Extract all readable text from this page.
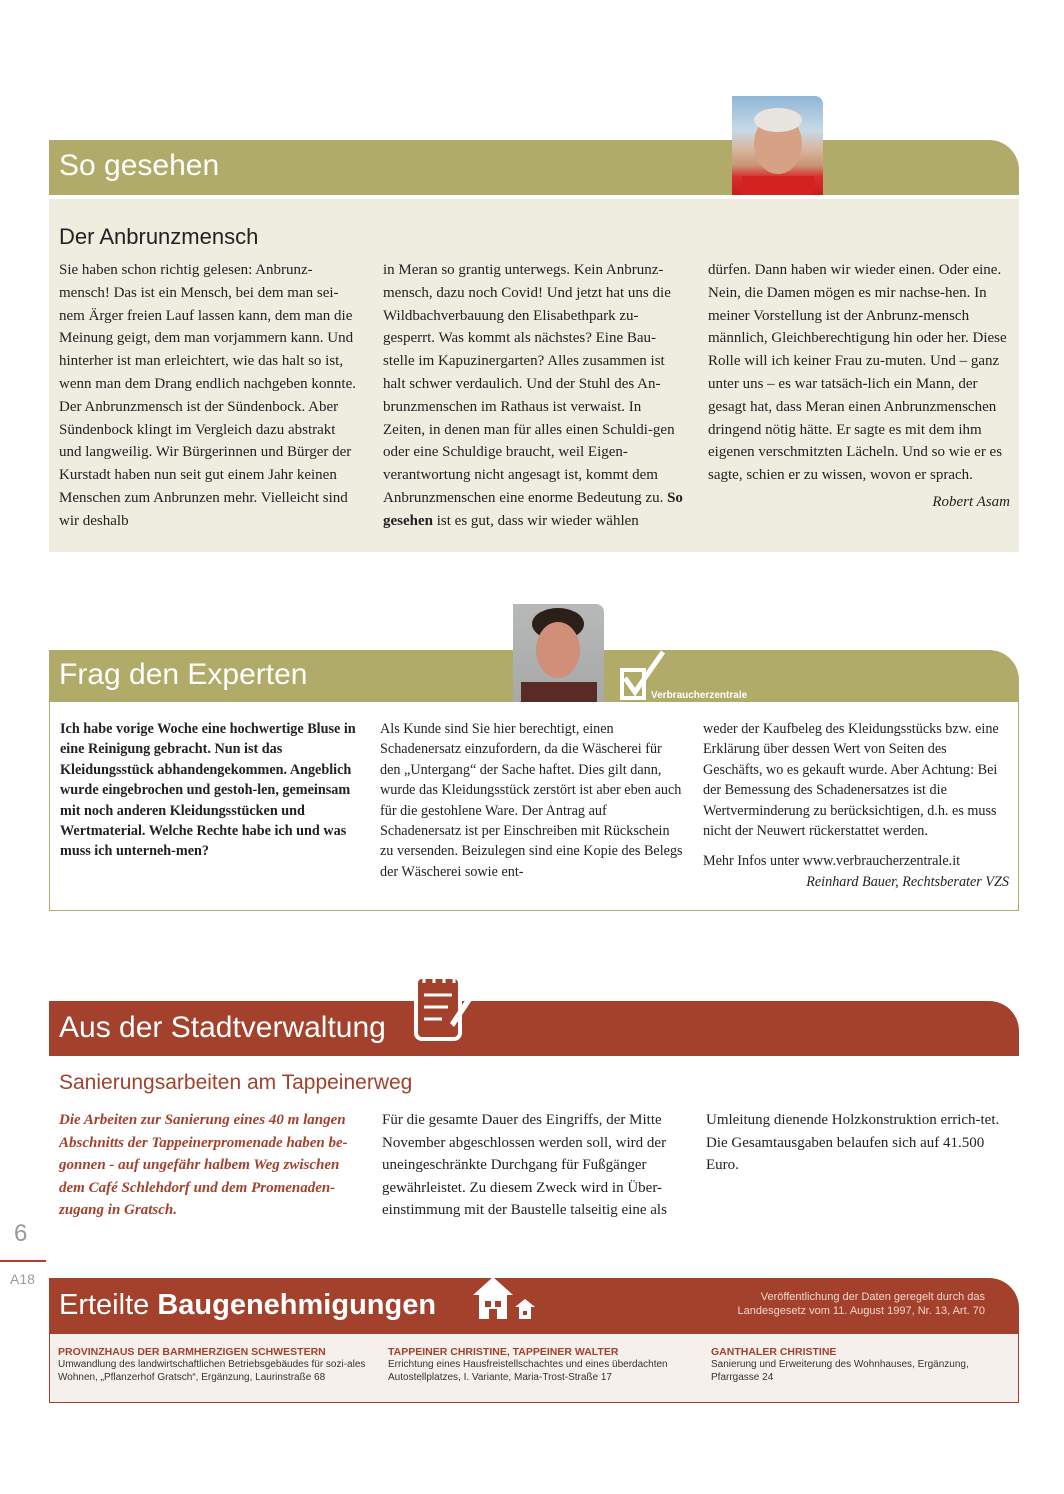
So gesehen
Der Anbrunzmensch

Sie haben schon richtig gelesen: Anbrunz-mensch! Das ist ein Mensch, bei dem man sei-nem Ärger freien Lauf lassen kann, dem man die Meinung geigt, dem man vorjammern kann. Und hinterher ist man erleichtert, wie das halt so ist, wenn man dem Drang endlich nachgeben konnte. Der Anbrunzmensch ist der Sündenbock. Aber Sündenbock klingt im Vergleich dazu abstrakt und langweilig. Wir Bürgerinnen und Bürger der Kurstadt haben nun seit gut einem Jahr keinen Menschen zum Anbrunzen mehr. Vielleicht sind wir deshalb

in Meran so grantig unterwegs. Kein Anbrunz-mensch, dazu noch Covid! Und jetzt hat uns die Wildbachverbauung den Elisabethpark zu-gesperrt. Was kommt als nächstes? Eine Bau-stelle im Kapuzinergarten? Alles zusammen ist halt schwer verdaulich. Und der Stuhl des An-brunzmenschen im Rathaus ist verwaist. In Zeiten, in denen man für alles einen Schuldi-gen oder eine Schuldige braucht, weil Eigen-verantwortung nicht angesagt ist, kommt dem Anbrunzmenschen eine enorme Bedeutung zu. So gesehen ist es gut, dass wir wieder wählen

dürfen. Dann haben wir wieder einen. Oder eine. Nein, die Damen mögen es mir nachse-hen. In meiner Vorstellung ist der Anbrunz-mensch männlich, Gleichberechtigung hin oder her. Diese Rolle will ich keiner Frau zu-muten. Und – ganz unter uns – es war tatsäch-lich ein Mann, der gesagt hat, dass Meran einen Anbrunzmenschen dringend nötig hätte. Er sagte es mit dem ihm eigenen verschmitzten Lächeln. Und so wie er es sagte, schien er zu wissen, wovon er sprach.

Robert Asam

Frag den Experten
Verbraucherzentrale
Ich habe vorige Woche eine hochwertige Bluse in eine Reinigung gebracht. Nun ist das Kleidungsstück abhandengekommen. Angeblich wurde eingebrochen und gestoh-len, gemeinsam mit noch anderen Kleidungsstücken und Wertmaterial. Welche Rechte habe ich und was muss ich unterneh-men?
Als Kunde sind Sie hier berechtigt, einen Schadenersatz einzufordern, da die Wäscherei für den „Untergang“ der Sache haftet. Dies gilt dann, wurde das Kleidungsstück zerstört ist aber eben auch für die gestohlene Ware. Der Antrag auf Schadenersatz ist per Einschreiben mit Rückschein zu versenden. Beizulegen sind eine Kopie des Belegs der Wäscherei sowie ent-
weder der Kaufbeleg des Kleidungsstücks bzw. eine Erklärung über dessen Wert von Seiten des Geschäfts, wo es gekauft wurde. Aber Achtung: Bei der Bemessung des Schadenersatzes ist die Wertverminderung zu berücksichtigen, d.h. es muss nicht der Neuwert rückerstattet werden.
Mehr Infos unter www.verbraucherzentrale.it
Reinhard Bauer, Rechtsberater VZS
Aus der Stadtverwaltung
Sanierungsarbeiten am Tappeinerweg
Die Arbeiten zur Sanierung eines 40 m langen Abschnitts der Tappeinerpromenade haben be-gonnen - auf ungefähr halbem Weg zwischen dem Café Schlehdorf und dem Promenaden-zugang in Gratsch.
Für die gesamte Dauer des Eingriffs, der Mitte November abgeschlossen werden soll, wird der uneingeschränkte Durchgang für Fußgänger gewährleistet. Zu diesem Zweck wird in Über-einstimmung mit der Baustelle talseitig eine als
Umleitung dienende Holzkonstruktion errich-tet. Die Gesamtausgaben belaufen sich auf 41.500 Euro.
6
A18
Erteilte Baugenehmigungen	Veröffentlichung der Daten geregelt durch das Landesgesetz vom 11. August 1997, Nr. 13, Art. 70
PROVINZHAUS DER BARMHERZIGEN SCHWESTERN
Umwandlung des landwirtschaftlichen Betriebsgebäudes für sozi-ales Wohnen, „Pflanzerhof Gratsch“, Ergänzung, Laurinstraße 68
TAPPEINER CHRISTINE, TAPPEINER WALTER
Errichtung eines Hausfreistellschachtes und eines überdachten Autostellplatzes, I. Variante, Maria-Trost-Straße 17
GANTHALER CHRISTINE
Sanierung und Erweiterung des Wohnhauses, Ergänzung, Pfarrgasse 24
